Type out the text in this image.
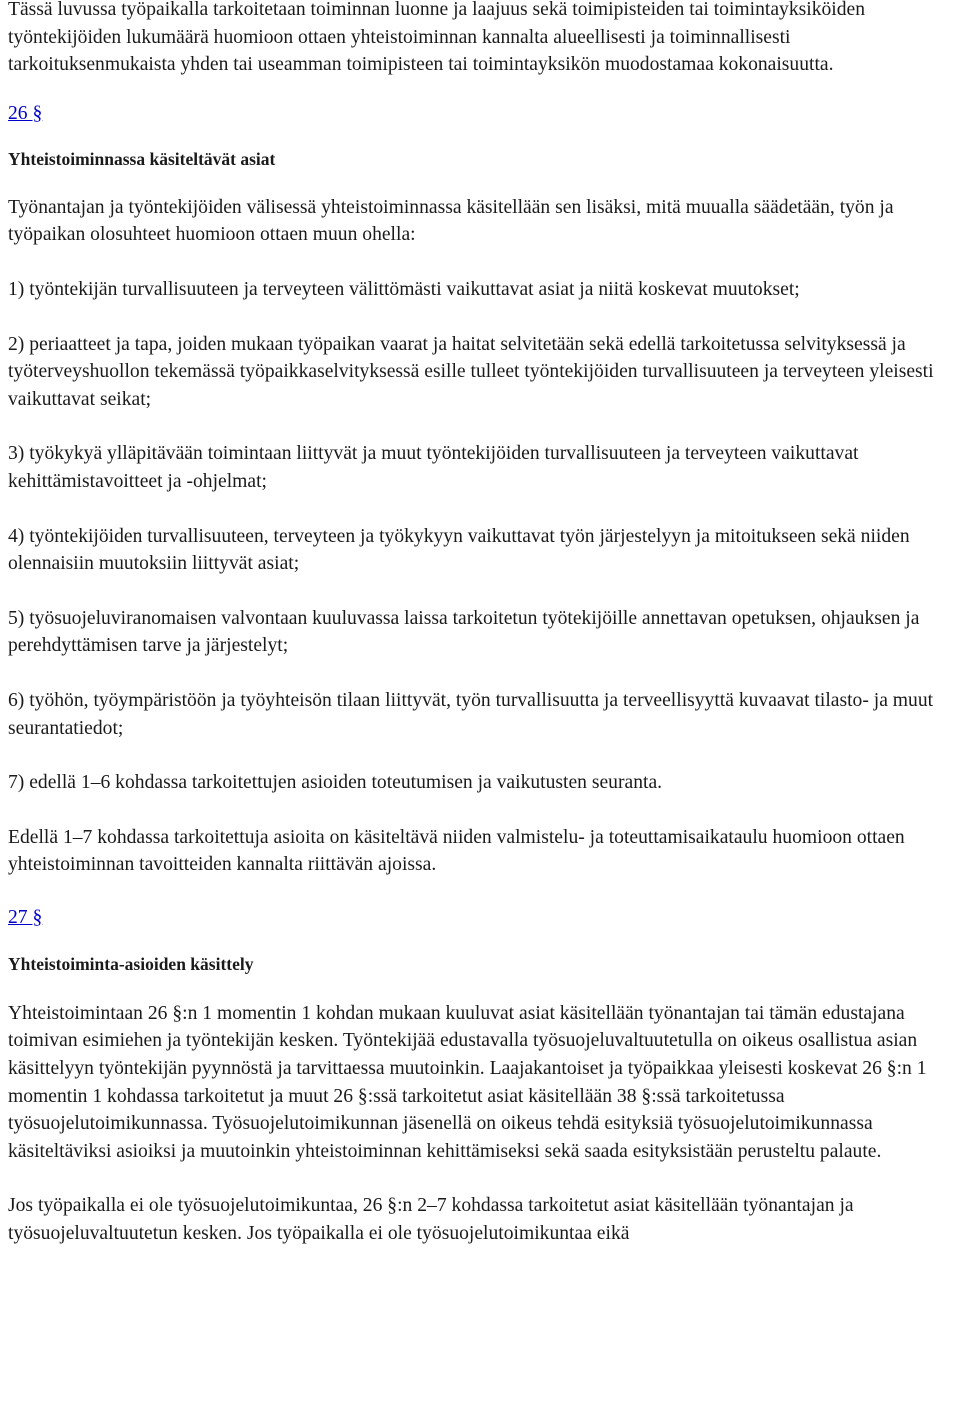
Tässä luvussa työpaikalla tarkoitetaan toiminnan luonne ja laajuus sekä toimipisteiden tai toimintayksiköiden työntekijöiden lukumäärä huomioon ottaen yhteistoiminnan kannalta alueellisesti ja toiminnallisesti tarkoituksenmukaista yhden tai useamman toimipisteen tai toimintayksikön muodostamaa kokonaisuutta.

26 §

Yhteistoiminnassa käsiteltävät asiat

Työnantajan ja työntekijöiden välisessä yhteistoiminnassa käsitellään sen lisäksi, mitä muualla säädetään, työn ja työpaikan olosuhteet huomioon ottaen muun ohella:

1) työntekijän turvallisuuteen ja terveyteen välittömästi vaikuttavat asiat ja niitä koskevat muutokset;

2) periaatteet ja tapa, joiden mukaan työpaikan vaarat ja haitat selvitetään sekä edellä tarkoitetussa selvityksessä ja työterveyshuollon tekemässä työpaikkaselvityksessä esille tulleet työntekijöiden turvallisuuteen ja terveyteen yleisesti vaikuttavat seikat;

3) työkykyä ylläpitävään toimintaan liittyvät ja muut työntekijöiden turvallisuuteen ja terveyteen vaikuttavat kehittämistavoitteet ja -ohjelmat;

4) työntekijöiden turvallisuuteen, terveyteen ja työkykyyn vaikuttavat työn järjestelyyn ja mitoitukseen sekä niiden olennaisiin muutoksiin liittyvät asiat;

5) työsuojeluviranomaisen valvontaan kuuluvassa laissa tarkoitetun työtekijöille annettavan opetuksen, ohjauksen ja perehdyttämisen tarve ja järjestelyt;

6) työhön, työympäristöön ja työyhteisön tilaan liittyvät, työn turvallisuutta ja terveellisyyttä kuvaavat tilasto- ja muut seurantatiedot;

7) edellä 1–6 kohdassa tarkoitettujen asioiden toteutumisen ja vaikutusten seuranta.

Edellä 1–7 kohdassa tarkoitettuja asioita on käsiteltävä niiden valmistelu- ja toteuttamisaikataulu huomioon ottaen yhteistoiminnan tavoitteiden kannalta riittävän ajoissa.

27 §

Yhteistoiminta-asioiden käsittely

Yhteistoimintaan 26 §:n 1 momentin 1 kohdan mukaan kuuluvat asiat käsitellään työnantajan tai tämän edustajana toimivan esimiehen ja työntekijän kesken. Työntekijää edustavalla työsuojeluvaltuutetulla on oikeus osallistua asian käsittelyyn työntekijän pyynnöstä ja tarvittaessa muutoinkin. Laajakantoiset ja työpaikkaa yleisesti koskevat 26 §:n 1 momentin 1 kohdassa tarkoitetut ja muut 26 §:ssä tarkoitetut asiat käsitellään 38 §:ssä tarkoitetussa työsuojelutoimikunnassa. Työsuojelutoimikunnan jäsenellä on oikeus tehdä esityksiä työsuojelutoimikunnassa käsiteltäviksi asioiksi ja muutoinkin yhteistoiminnan kehittämiseksi sekä saada esityksistään perusteltu palaute.

Jos työpaikalla ei ole työsuojelutoimikuntaa, 26 §:n 2–7 kohdassa tarkoitetut asiat käsitellään työnantajan ja työsuojeluvaltuutetun kesken. Jos työpaikalla ei ole työsuojelutoimikuntaa eikä
